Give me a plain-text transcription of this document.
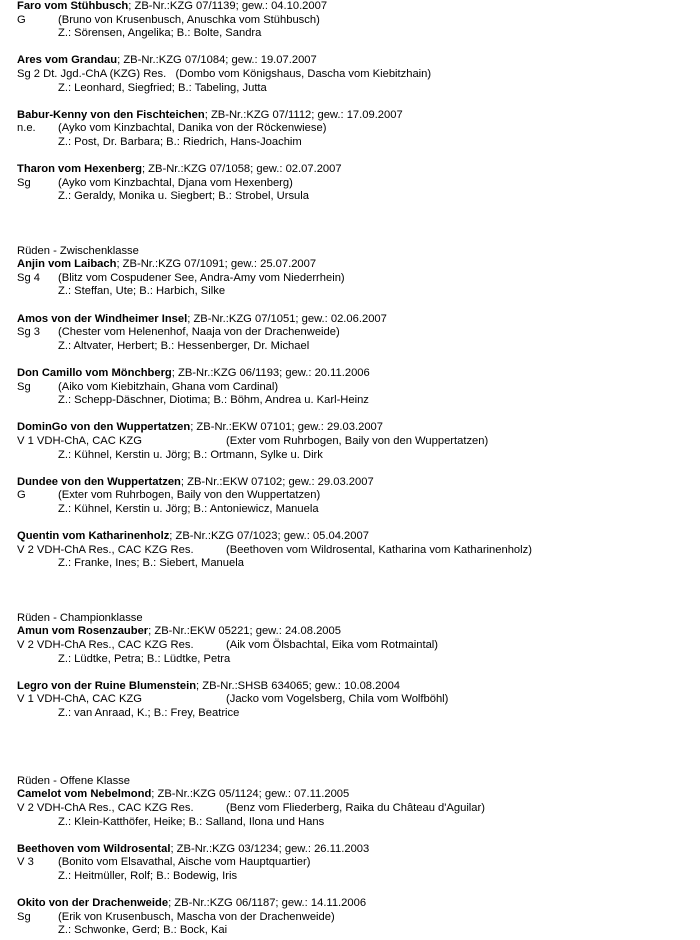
Faro vom Stühbusch; ZB-Nr.:KZG 07/1139; gew.: 04.10.2007
G	(Bruno von Krusenbusch, Anuschka vom Stühbusch)
Z.: Sörensen, Angelika; B.: Bolte, Sandra
Ares vom Grandau; ZB-Nr.:KZG 07/1084; gew.: 19.07.2007
Sg 2 Dt. Jgd.-ChA (KZG) Res. (Dombo vom Königshaus, Dascha vom Kiebitzhain)
Z.: Leonhard, Siegfried; B.: Tabeling, Jutta
Babur-Kenny von den Fischteichen; ZB-Nr.:KZG 07/1112; gew.: 17.09.2007
n.e. (Ayko vom Kinzbachtal, Danika von der Röckenwiese)
Z.: Post, Dr. Barbara; B.: Riedrich, Hans-Joachim
Tharon vom Hexenberg; ZB-Nr.:KZG 07/1058; gew.: 02.07.2007
Sg (Ayko vom Kinzbachtal, Djana vom Hexenberg)
Z.: Geraldy, Monika u. Siegbert; B.: Strobel, Ursula
Rüden - Zwischenklasse
Anjin vom Laibach; ZB-Nr.:KZG 07/1091; gew.: 25.07.2007
Sg 4 (Blitz vom Cospudener See, Andra-Amy vom Niederrhein)
Z.: Steffan, Ute; B.: Harbich, Silke
Amos von der Windheimer Insel; ZB-Nr.:KZG 07/1051; gew.: 02.06.2007
Sg 3 (Chester vom Helenenhof, Naaja von der Drachenweide)
Z.: Altvater, Herbert; B.: Hessenberger, Dr. Michael
Don Camillo vom Mönchberg; ZB-Nr.:KZG 06/1193; gew.: 20.11.2006
Sg (Aiko vom Kiebitzhain, Ghana vom Cardinal)
Z.: Schepp-Däschner, Diotima; B.: Böhm, Andrea u. Karl-Heinz
DominGo von den Wuppertatzen; ZB-Nr.:EKW 07101; gew.: 29.03.2007
V 1 VDH-ChA, CAC KZG	(Exter vom Ruhrbogen, Baily von den Wuppertatzen)
Z.: Kühnel, Kerstin u. Jörg; B.: Ortmann, Sylke u. Dirk
Dundee von den Wuppertatzen; ZB-Nr.:EKW 07102; gew.: 29.03.2007
G	(Exter vom Ruhrbogen, Baily von den Wuppertatzen)
Z.: Kühnel, Kerstin u. Jörg; B.: Antoniewicz, Manuela
Quentin vom Katharinenholz; ZB-Nr.:KZG 07/1023; gew.: 05.04.2007
V 2 VDH-ChA Res., CAC KZG Res.	(Beethoven vom Wildrosental, Katharina vom Katharinenholz)
Z.: Franke, Ines; B.: Siebert, Manuela
Rüden - Championklasse
Amun vom Rosenzauber; ZB-Nr.:EKW 05221; gew.: 24.08.2005
V 2 VDH-ChA Res., CAC KZG Res.	(Aik vom Ölsbachtal, Eika vom Rotmaintal)
Z.: Lüdtke, Petra; B.: Lüdtke, Petra
Legro von der Ruine Blumenstein; ZB-Nr.:SHSB 634065; gew.: 10.08.2004
V 1 VDH-ChA, CAC KZG	(Jacko vom Vogelsberg, Chila vom Wolfböhl)
Z.: van Anraad, K.; B.: Frey, Beatrice
Rüden - Offene Klasse
Camelot vom Nebelmond; ZB-Nr.:KZG 05/1124; gew.: 07.11.2005
V 2 VDH-ChA Res., CAC KZG Res.	(Benz vom Fliederberg, Raika du Château d'Aguilar)
Z.: Klein-Katthöfer, Heike; B.: Salland, Ilona und Hans
Beethoven vom Wildrosental; ZB-Nr.:KZG 03/1234; gew.: 26.11.2003
V 3 (Bonito vom Elsavathal, Aische vom Hauptquartier)
Z.: Heitmüller, Rolf; B.: Bodewig, Iris
Okito von der Drachenweide; ZB-Nr.:KZG 06/1187; gew.: 14.11.2006
Sg (Erik von Krusenbusch, Mascha von der Drachenweide)
Z.: Schwonke, Gerd; B.: Bock, Kai
